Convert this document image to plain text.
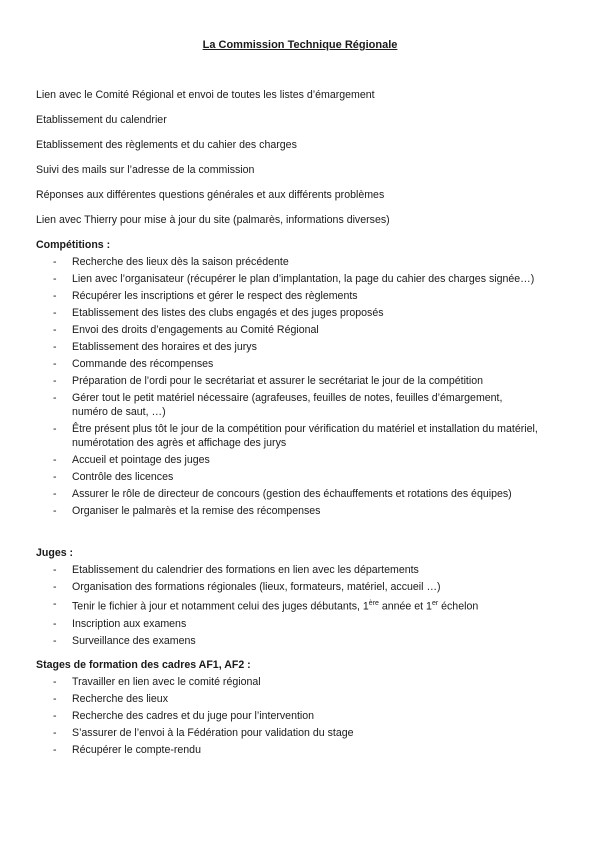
La Commission Technique Régionale
Lien avec le Comité Régional et envoi de toutes les listes d’émargement
Etablissement du calendrier
Etablissement des règlements et du cahier des charges
Suivi des mails sur l’adresse de la commission
Réponses aux différentes questions générales et aux différents problèmes
Lien avec Thierry pour mise à jour du site (palmarès, informations diverses)
Compétitions :
- Recherche des lieux dès la saison précédente
- Lien avec l’organisateur (récupérer le plan d’implantation, la page du cahier des charges signée…)
- Récupérer les inscriptions et gérer le respect des règlements
- Etablissement des listes des clubs engagés et des juges proposés
- Envoi des droits d’engagements au Comité Régional
- Etablissement des horaires et des jurys
- Commande des récompenses
- Préparation de l’ordi pour le secrétariat et assurer le secrétariat le jour de la compétition
- Gérer tout le petit matériel nécessaire (agrafeuses, feuilles de notes, feuilles d’émargement, numéro de saut, …)
- Être présent plus tôt le jour de la compétition pour vérification du matériel et installation du matériel, numérotation des agrès et affichage des jurys
- Accueil et pointage des juges
- Contrôle des licences
- Assurer le rôle de directeur de concours (gestion des échauffements et rotations des équipes)
- Organiser le palmarès et la remise des récompenses
Juges :
- Etablissement du calendrier des formations en lien avec les départements
- Organisation des formations régionales (lieux, formateurs, matériel, accueil …)
- Tenir le fichier à jour et notamment celui des juges débutants, 1ère année et 1er échelon
- Inscription aux examens
- Surveillance des examens
Stages de formation des cadres AF1, AF2 :
- Travailler en lien avec le comité régional
- Recherche des lieux
- Recherche des cadres et du juge pour l’intervention
- S’assurer de l’envoi à la Fédération pour validation du stage
- Récupérer le compte-rendu
